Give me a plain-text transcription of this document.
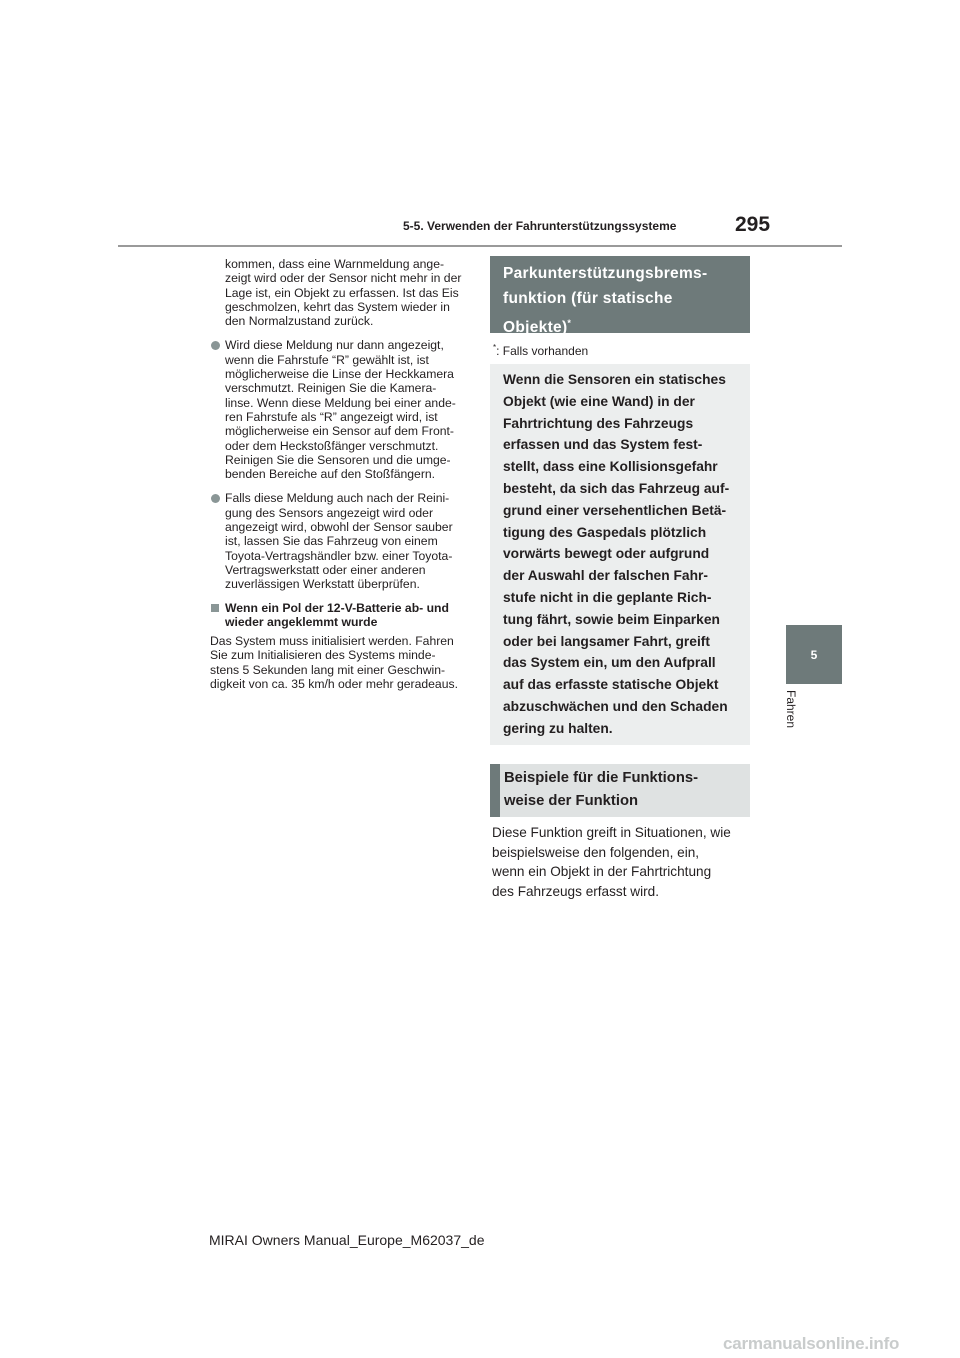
5-5. Verwenden der Fahrunterstützungssysteme	295
5
Fahren

kommen, dass eine Warnmeldung ange- zeigt wird oder der Sensor nicht mehr in der Lage ist, ein Objekt zu erfassen. Ist das Eis geschmolzen, kehrt das System wieder in den Normalzustand zurück.

Wird diese Meldung nur dann angezeigt, wenn die Fahrstufe “R” gewählt ist, ist möglicherweise die Linse der Heckkamera verschmutzt. Reinigen Sie die Kamera- linse. Wenn diese Meldung bei einer ande- ren Fahrstufe als “R” angezeigt wird, ist möglicherweise ein Sensor auf dem Front- oder dem Heckstoßfänger verschmutzt. Reinigen Sie die Sensoren und die umge- benden Bereiche auf den Stoßfängern.

Falls diese Meldung auch nach der Reini- gung des Sensors angezeigt wird oder angezeigt wird, obwohl der Sensor sauber ist, lassen Sie das Fahrzeug von einem Toyota-Vertragshändler bzw. einer Toyota- Vertragswerkstatt oder einer anderen zuverlässigen Werkstatt überprüfen.

Wenn ein Pol der 12-V-Batterie ab- und wieder angeklemmt wurde

Das System muss initialisiert werden. Fahren Sie zum Initialisieren des Systems minde- stens 5 Sekunden lang mit einer Geschwin- digkeit von ca. 35 km/h oder mehr geradeaus.

Parkunterstützungsbrems-
funktion (für statische
Objekte)*
*: Falls vorhanden
Wenn die Sensoren ein statisches
Objekt (wie eine Wand) in der
Fahrtrichtung des Fahrzeugs
erfassen und das System fest-
stellt, dass eine Kollisionsgefahr
besteht, da sich das Fahrzeug auf-
grund einer versehentlichen Betä-
tigung des Gaspedals plötzlich
vorwärts bewegt oder aufgrund
der Auswahl der falschen Fahr-
stufe nicht in die geplante Rich-
tung fährt, sowie beim Einparken
oder bei langsamer Fahrt, greift
das System ein, um den Aufprall
auf das erfasste statische Objekt
abzuschwächen und den Schaden
gering zu halten.
Beispiele für die Funktions-
weise der Funktion
Diese Funktion greift in Situationen, wie
beispielsweise den folgenden, ein,
wenn ein Objekt in der Fahrtrichtung
des Fahrzeugs erfasst wird.
MIRAI Owners Manual_Europe_M62037_de
carmanualsonline.info
